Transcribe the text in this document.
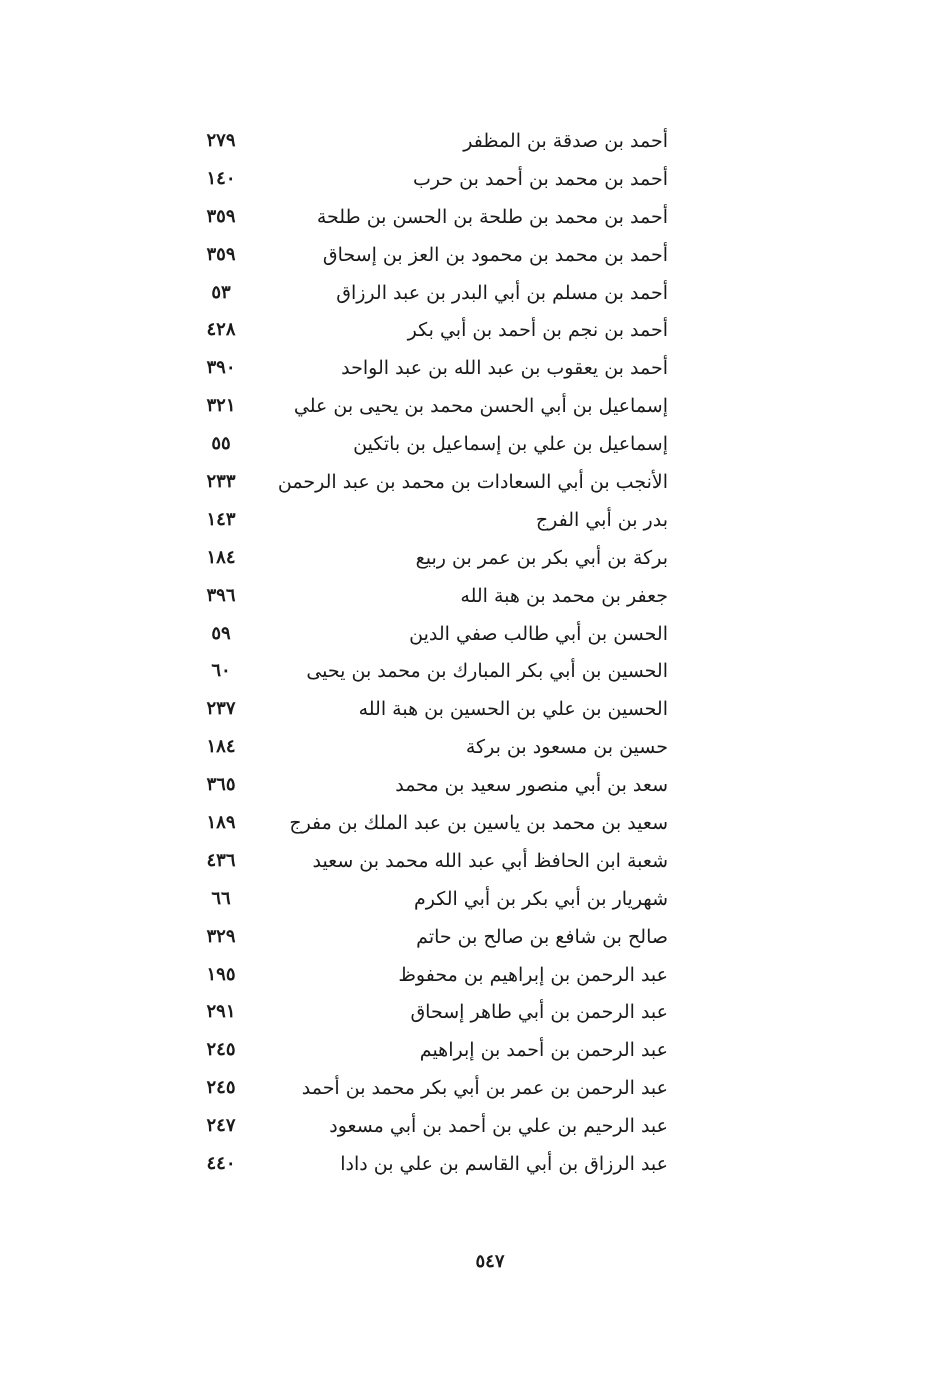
أحمد بن صدقة بن المظفر
٢٧٩
أحمد بن محمد بن أحمد بن حرب
١٤٠
أحمد بن محمد بن طلحة بن الحسن بن طلحة
٣٥٩
أحمد بن محمد بن محمود بن العز بن إسحاق
٣٥٩
أحمد بن مسلم بن أبي البدر بن عبد الرزاق
٥٣
أحمد بن نجم بن أحمد بن أبي بكر
٤٢٨
أحمد بن يعقوب بن عبد الله بن عبد الواحد
٣٩٠
إسماعيل بن أبي الحسن محمد بن يحيى بن علي
٣٢١
إسماعيل بن علي بن إسماعيل بن باتكين
٥٥
الأنجب بن أبي السعادات بن محمد بن عبد الرحمن
٢٣٣
بدر بن أبي الفرج
١٤٣
بركة بن أبي بكر بن عمر بن ربيع
١٨٤
جعفر بن محمد بن هبة الله
٣٩٦
الحسن بن أبي طالب صفي الدين
٥٩
الحسين بن أبي بكر المبارك بن محمد بن يحيى
٦٠
الحسين بن علي بن الحسين بن هبة الله
٢٣٧
حسين بن مسعود بن بركة
١٨٤
سعد بن أبي منصور سعيد بن محمد
٣٦٥
سعيد بن محمد بن ياسين بن عبد الملك بن مفرج
١٨٩
شعبة ابن الحافظ أبي عبد الله محمد بن سعيد
٤٣٦
شهريار بن أبي بكر بن أبي الكرم
٦٦
صالح بن شافع بن صالح بن حاتم
٣٢٩
عبد الرحمن بن إبراهيم بن محفوظ
١٩٥
عبد الرحمن بن أبي طاهر إسحاق
٢٩١
عبد الرحمن بن أحمد بن إبراهيم
٢٤٥
عبد الرحمن بن عمر بن أبي بكر محمد بن أحمد
٢٤٥
عبد الرحيم بن علي بن أحمد بن أبي مسعود
٢٤٧
عبد الرزاق بن أبي القاسم بن علي بن دادا
٤٤٠
٥٤٧
